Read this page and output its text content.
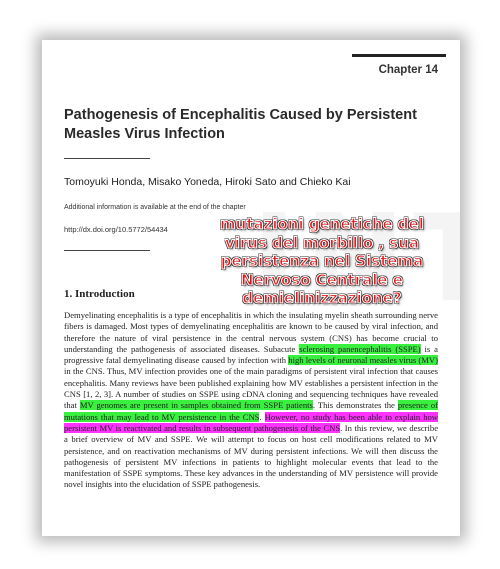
Chapter 14
Pathogenesis of Encephalitis Caused by Persistent Measles Virus Infection
Tomoyuki Honda, Misako Yoneda, Hiroki Sato and Chieko Kai
Additional information is available at the end of the chapter
http://dx.doi.org/10.5772/54434
1. Introduction
Demyelinating encephalitis is a type of encephalitis in which the insulating myelin sheath surrounding nerve fibers is damaged. Most types of demyelinating encephalitis are known to be caused by viral infection, and therefore the nature of viral persistence in the central nervous system (CNS) has become crucial to understanding the pathogenesis of associated diseases. Subacute sclerosing panencephalitis (SSPE) is a progressive fatal demyelinating disease caused by infection with high levels of neuronal measles virus (MV) in the CNS. Thus, MV infection provides one of the main paradigms of persistent viral infection that causes encephalitis. Many reviews have been published explaining how MV establishes a persistent infection in the CNS [1, 2, 3]. A number of studies on SSPE using cDNA cloning and sequencing techniques have revealed that MV genomes are present in samples obtained from SSPE patients. This demonstrates the presence of mutations that may lead to MV persistence in the CNS. However, no study has been able to explain how persistent MV is reactivated and results in subsequent pathogenesis of the CNS. In this review, we describe a brief overview of MV and SSPE. We will attempt to focus on host cell modifications related to MV persistence, and on reactivation mechanisms of MV during persistent infections. We will then discuss the pathogenesis of persistent MV infections in patients to highlight molecular events that lead to the manifestation of SSPE symptoms. These key advances in the understanding of MV persistence will provide novel insights into the elucidation of SSPE pathogenesis.
mutazioni genetiche del virus del morbillo , sua persistenza nel Sistema Nervoso Centrale e demielinizzazione?
